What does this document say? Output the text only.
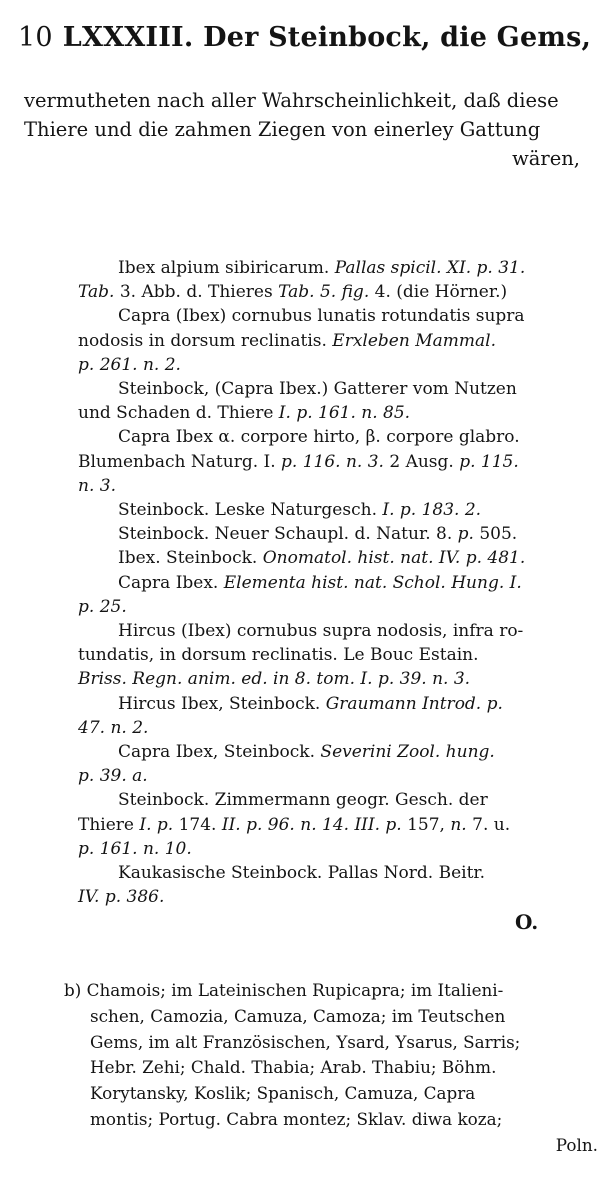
10 LXXXIII. Der Steinbock, die Gems,
vermutheten nach aller Wahrscheinlichkeit, daß diese
Thiere und die zahmen Ziegen von einerley Gattung
wären,
Ibex alpium sibiricarum. Pallas spicil. XI. p. 31.
Tab. 3. Abb. d. Thieres Tab. 5. fig. 4. (die Hörner.)
Capra (Ibex) cornubus lunatis rotundatis supra
nodosis in dorsum reclinatis. Erxleben Mammal.
p. 261. n. 2.
Steinbock, (Capra Ibex.) Gatterer vom Nutzen
und Schaden d. Thiere I. p. 161. n. 85.
Capra Ibex α. corpore hirto, β. corpore glabro.
Blumenbach Naturg. I. p. 116. n. 3. 2 Ausg. p. 115.
n. 3.
Steinbock. Leske Naturgesch. I. p. 183. 2.
Steinbock. Neuer Schaupl. d. Natur. 8. p. 505.
Ibex. Steinbock. Onomatol. hist. nat. IV. p. 481.
Capra Ibex. Elementa hist. nat. Schol. Hung. I.
p. 25.
Hircus (Ibex) cornubus supra nodosis, infra ro-
tundatis, in dorsum reclinatis. Le Bouc Estain.
Briss. Regn. anim. ed. in 8. tom. I. p. 39. n. 3.
Hircus Ibex, Steinbock. Graumann Introd. p.
47. n. 2.
Capra Ibex, Steinbock. Severini Zool. hung.
p. 39. a.
Steinbock. Zimmermann geogr. Gesch. der
Thiere I. p. 174. II. p. 96. n. 14. III. p. 157, n. 7. u.
p. 161. n. 10.
Kaukasische Steinbock. Pallas Nord. Beitr.
IV. p. 386.
O.
b) Chamois; im Lateinischen Rupicapra; im Italieni-
schen, Camozia, Camuza, Camoza; im Teutschen
Gems, im alt Französischen, Ysard, Ysarus, Sarris;
Hebr. Zehi; Chald. Thabia; Arab. Thabiu; Böhm.
Korytansky, Koslik; Spanisch, Camuza, Capra
montis; Portug. Cabra montez; Sklav. diwa koza;
Poln.
